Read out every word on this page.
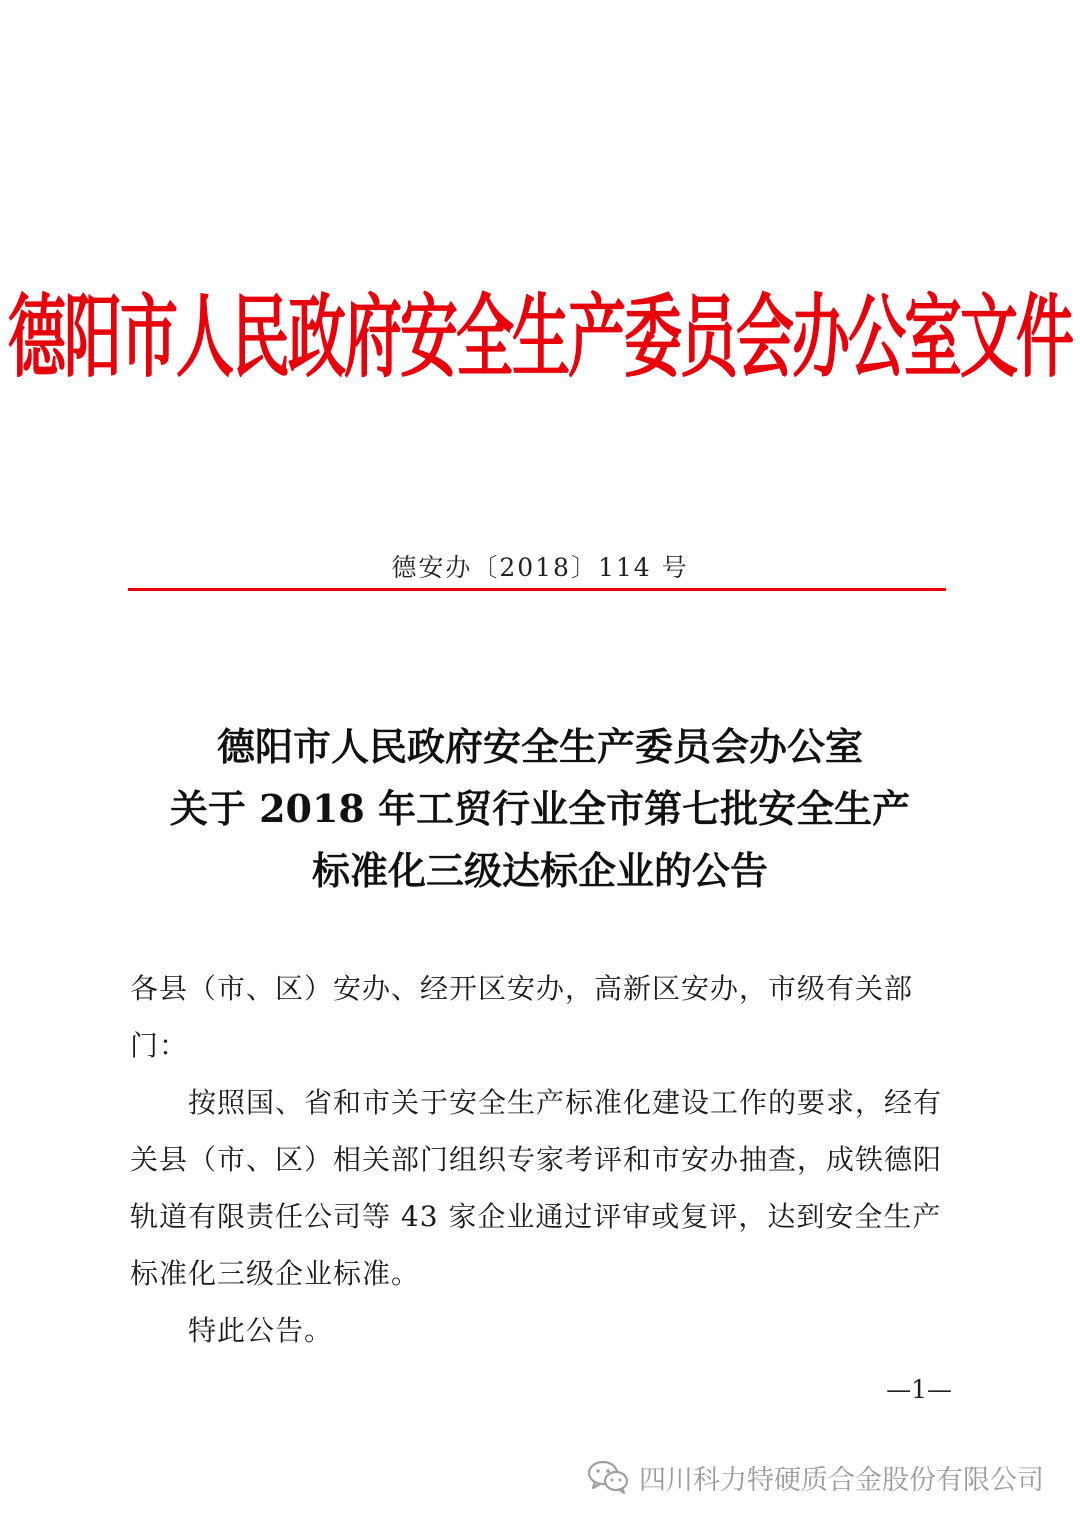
德阳市人民政府安全生产委员会办公室文件
德安办〔2018〕114 号
德阳市人民政府安全生产委员会办公室
关于 2018 年工贸行业全市第七批安全生产
标准化三级达标企业的公告

各县（市、区）安办、经开区安办，高新区安办，市级有关部门：

按照国、省和市关于安全生产标准化建设工作的要求，经有关县（市、区）相关部门组织专家考评和市安办抽查，成铁德阳轨道有限责任公司等 43 家企业通过评审或复评，达到安全生产标准化三级企业标准。

特此公告。

—1—
四川科力特硬质合金股份有限公司
